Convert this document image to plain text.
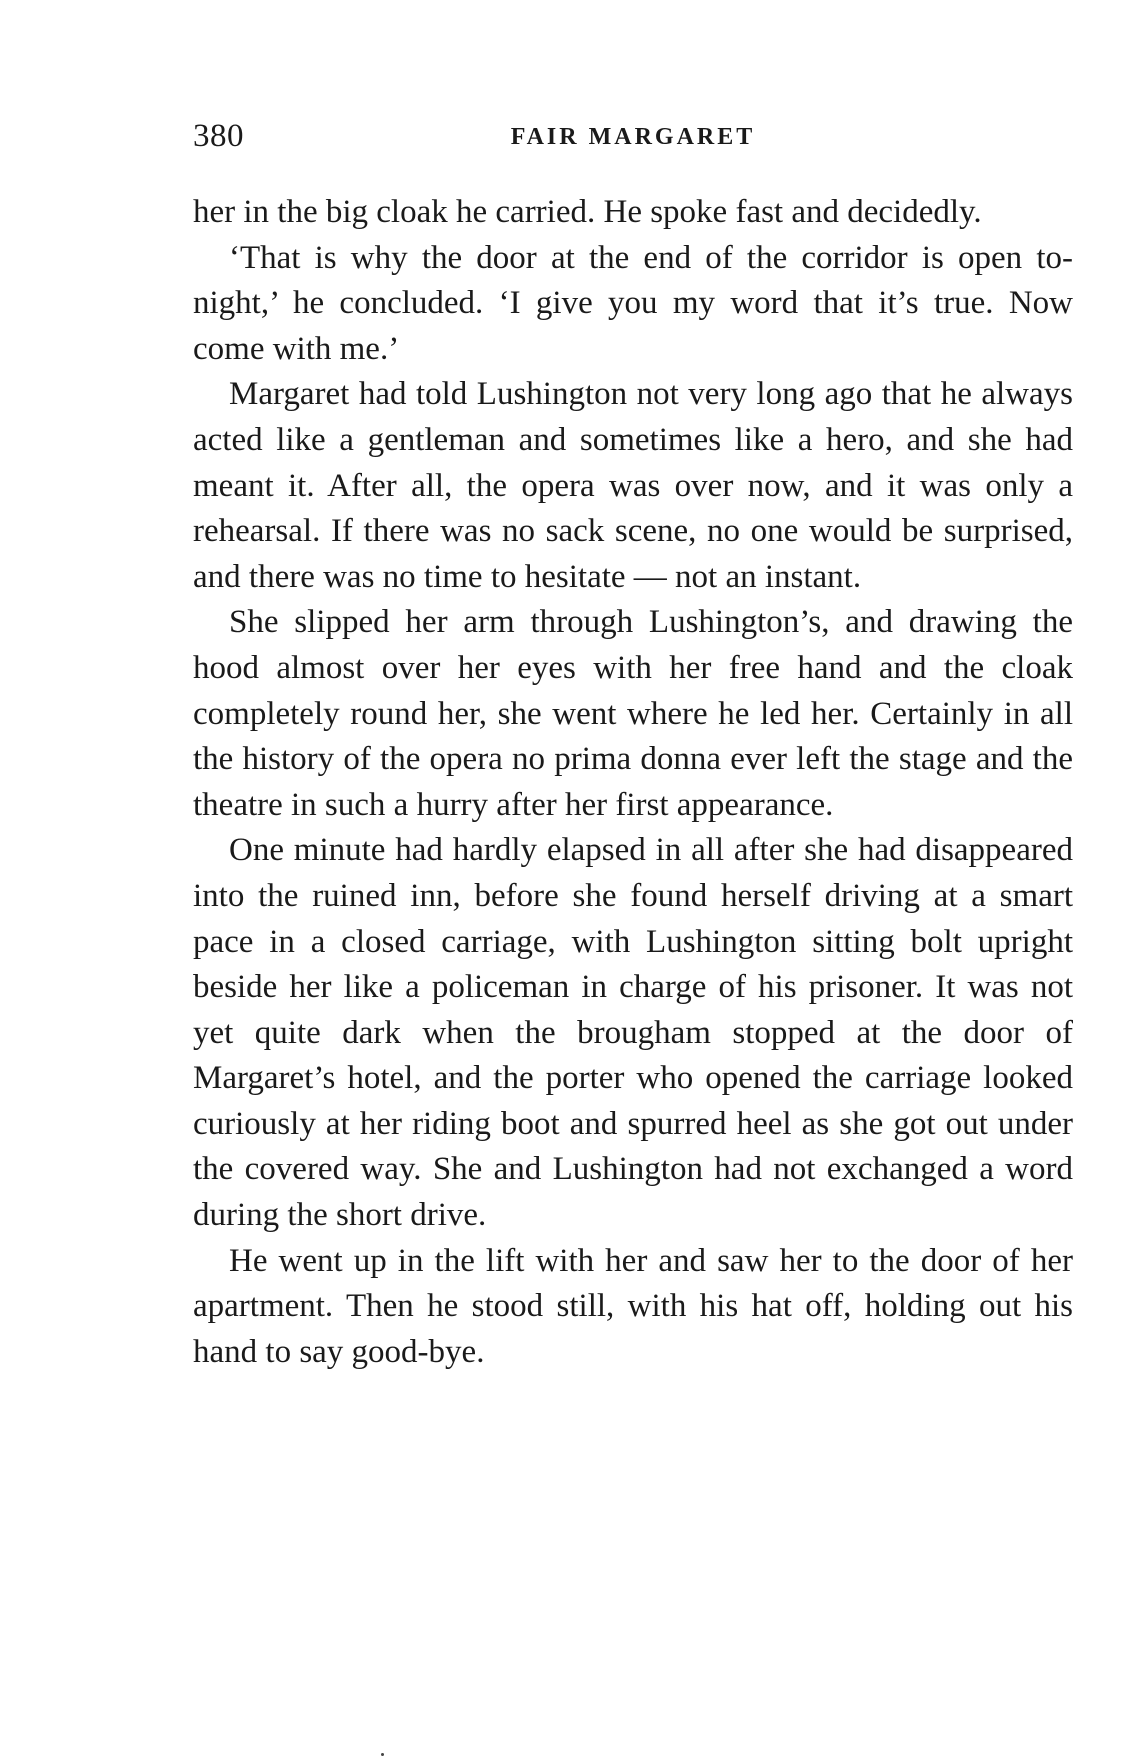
380	FAIR MARGARET

her in the big cloak he carried. He spoke fast and decidedly.

‘That is why the door at the end of the corridor is open to-night,’ he concluded. ‘I give you my word that it’s true. Now come with me.’

Margaret had told Lushington not very long ago that he always acted like a gentleman and sometimes like a hero, and she had meant it. After all, the opera was over now, and it was only a rehearsal. If there was no sack scene, no one would be surprised, and there was no time to hesitate — not an instant.

She slipped her arm through Lushington’s, and drawing the hood almost over her eyes with her free hand and the cloak completely round her, she went where he led her. Certainly in all the history of the opera no prima donna ever left the stage and the theatre in such a hurry after her first appearance.

One minute had hardly elapsed in all after she had disappeared into the ruined inn, before she found herself driving at a smart pace in a closed carriage, with Lushington sitting bolt upright beside her like a policeman in charge of his prisoner. It was not yet quite dark when the brougham stopped at the door of Margaret’s hotel, and the porter who opened the carriage looked curiously at her riding boot and spurred heel as she got out under the covered way. She and Lushington had not exchanged a word during the short drive.

He went up in the lift with her and saw her to the door of her apartment. Then he stood still, with his hat off, holding out his hand to say good-bye.
